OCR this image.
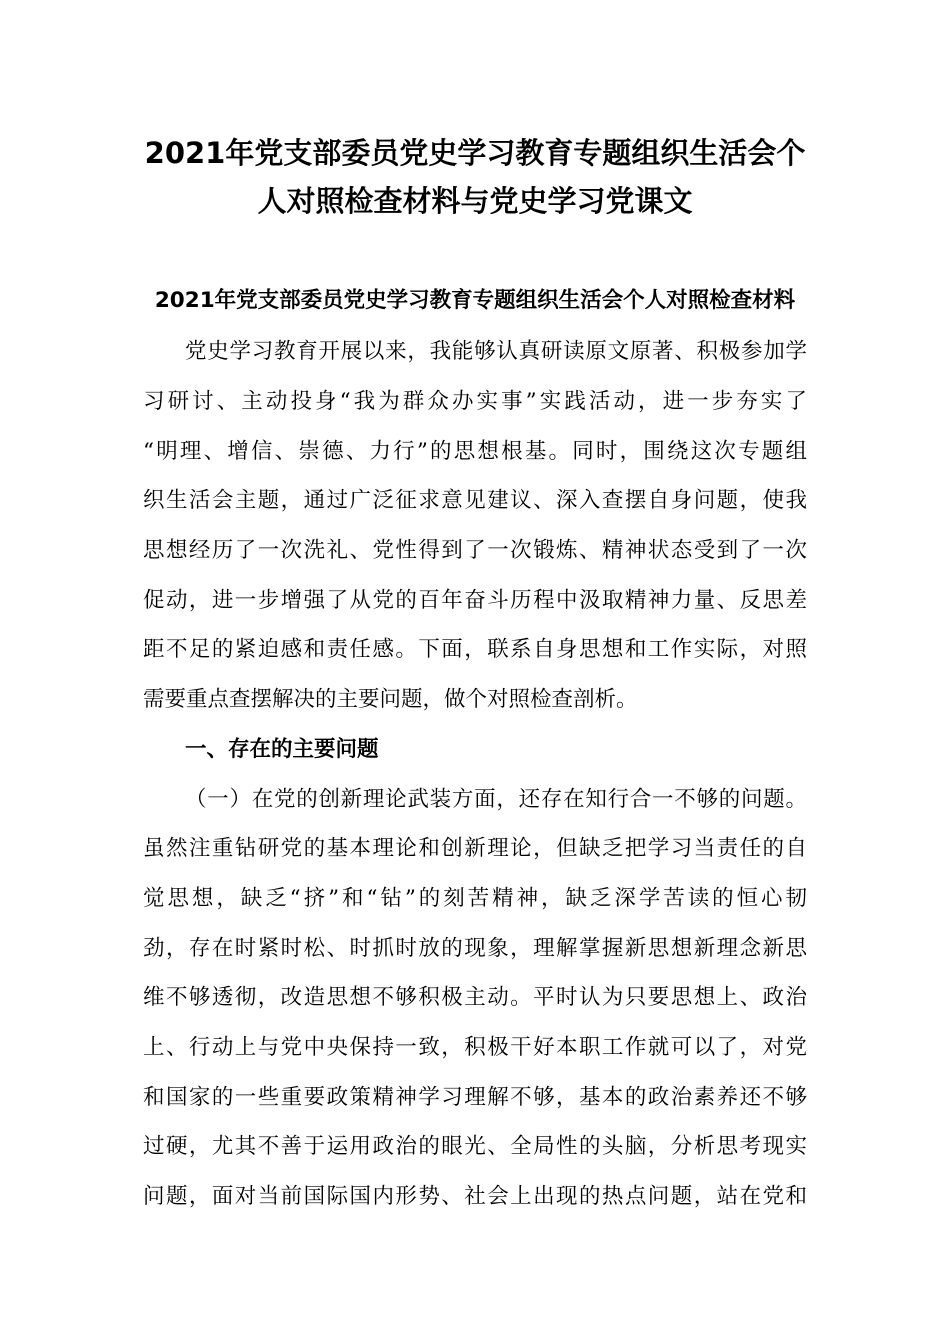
2021年党支部委员党史学习教育专题组织生活会个
人对照检查材料与党史学习党课文
2021年党支部委员党史学习教育专题组织生活会个人对照检查材料
党史学习教育开展以来，我能够认真研读原文原著、积极参加学
习研讨、主动投身“我为群众办实事”实践活动，进一步夯实了
“明理、增信、崇德、力行”的思想根基。同时，围绕这次专题组
织生活会主题，通过广泛征求意见建议、深入查摆自身问题，使我
思想经历了一次洗礼、党性得到了一次锻炼、精神状态受到了一次
促动，进一步增强了从党的百年奋斗历程中汲取精神力量、反思差
距不足的紧迫感和责任感。下面，联系自身思想和工作实际，对照
需要重点查摆解决的主要问题，做个对照检查剖析。
一、存在的主要问题
（一）在党的创新理论武装方面，还存在知行合一不够的问题。
虽然注重钻研党的基本理论和创新理论，但缺乏把学习当责任的自
觉思想，缺乏“挤”和“钻”的刻苦精神，缺乏深学苦读的恒心韧
劲，存在时紧时松、时抓时放的现象，理解掌握新思想新理念新思
维不够透彻，改造思想不够积极主动。平时认为只要思想上、政治
上、行动上与党中央保持一致，积极干好本职工作就可以了，对党
和国家的一些重要政策精神学习理解不够，基本的政治素养还不够
过硬，尤其不善于运用政治的眼光、全局性的头脑，分析思考现实
问题，面对当前国际国内形势、社会上出现的热点问题，站在党和
